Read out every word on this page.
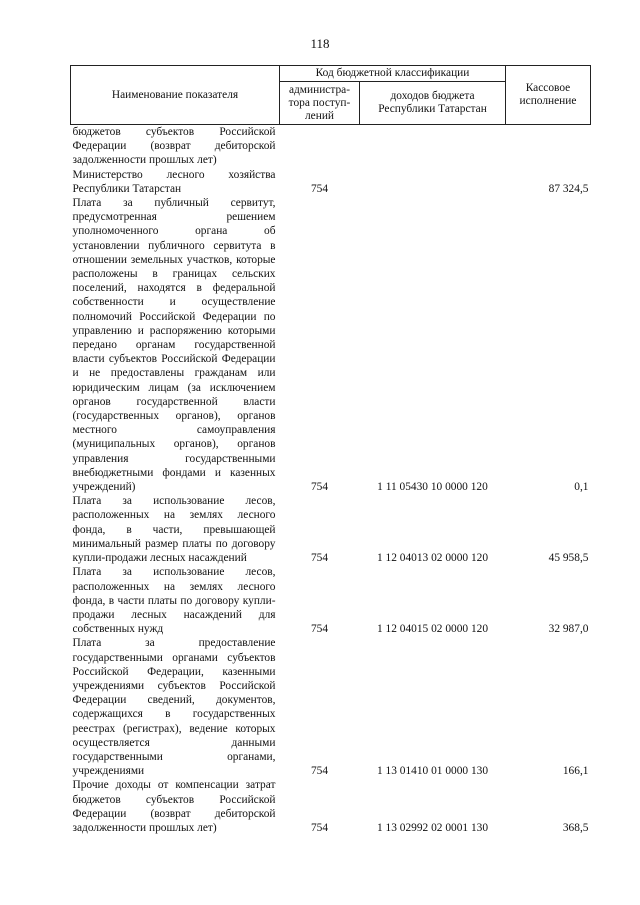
118
Наименование показателя	Код бюджетной классификации		Кассовое исполнение
	администра-тора поступ-лений	доходов бюджета Республики Татарстан	
бюджетов субъектов Российской Федерации (возврат дебиторской задолженности прошлых лет)			
Министерство лесного хозяйства Республики Татарстан	754		87 324,5
Плата за публичный сервитут, предусмотренная решением уполномоченного органа об установлении публичного сервитута в отношении земельных участков, которые расположены в границах сельских поселений, находятся в федеральной собственности и осуществление полномочий Российской Федерации по управлению и распоряжению которыми передано органам государственной власти субъектов Российской Федерации и не предоставлены гражданам или юридическим лицам (за исключением органов государственной власти (государственных органов), органов местного самоуправления (муниципальных органов), органов управления государственными внебюджетными фондами и казенных учреждений)	754	1 11 05430 10 0000 120	0,1
Плата за использование лесов, расположенных на землях лесного фонда, в части, превышающей минимальный размер платы по договору купли-продажи лесных насаждений	754	1 12 04013 02 0000 120	45 958,5
Плата за использование лесов, расположенных на землях лесного фонда, в части платы по договору купли-продажи лесных насаждений для собственных нужд	754	1 12 04015 02 0000 120	32 987,0
Плата за предоставление государственными органами субъектов Российской Федерации, казенными учреждениями субъектов Российской Федерации сведений, документов, содержащихся в государственных реестрах (регистрах), ведение которых осуществляется данными государственными органами, учреждениями	754	1 13 01410 01 0000 130	166,1
Прочие доходы от компенсации затрат бюджетов субъектов Российской Федерации (возврат дебиторской задолженности прошлых лет)	754	1 13 02992 02 0001 130	368,5
